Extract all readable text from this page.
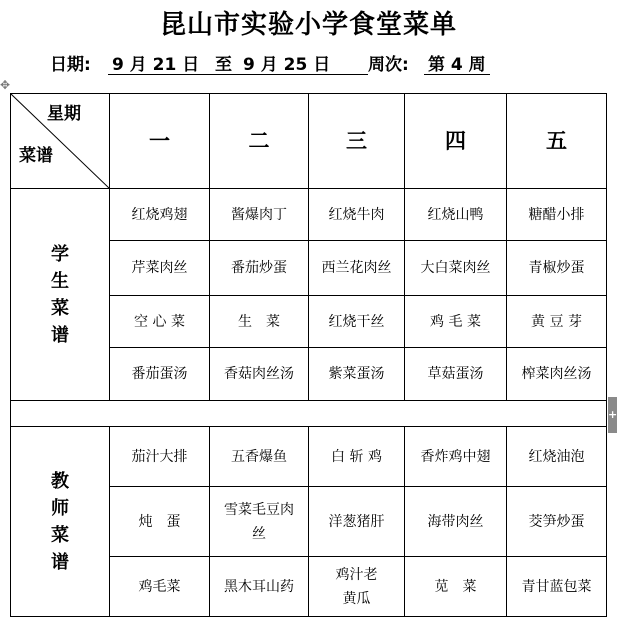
昆山市实验小学食堂菜单
日期: 9 月 21 日 至 9 月 25 日 周次: 第 4 周
✥
星期
菜谱	一	二	三	四	五

学
生
菜
谱	红烧鸡翅	酱爆肉丁	红烧牛肉	红烧山鸭	糖醋小排
	芹菜肉丝	番茄炒蛋	西兰花肉丝	大白菜肉丝	青椒炒蛋
	空 心 菜	生　菜	红烧干丝	鸡 毛 菜	黄 豆 芽
	番茄蛋汤	香菇肉丝汤	紫菜蛋汤	草菇蛋汤	榨菜肉丝汤

教
师
菜
谱	茄汁大排	五香爆鱼	白 斩 鸡	香炸鸡中翅	红烧油泡
	炖　蛋	雪菜毛豆肉丝	洋葱猪肝	海带肉丝	茭笋炒蛋
	鸡毛菜	黑木耳山药	鸡汁老黄瓜	苋　菜	青甘蓝包菜
+
